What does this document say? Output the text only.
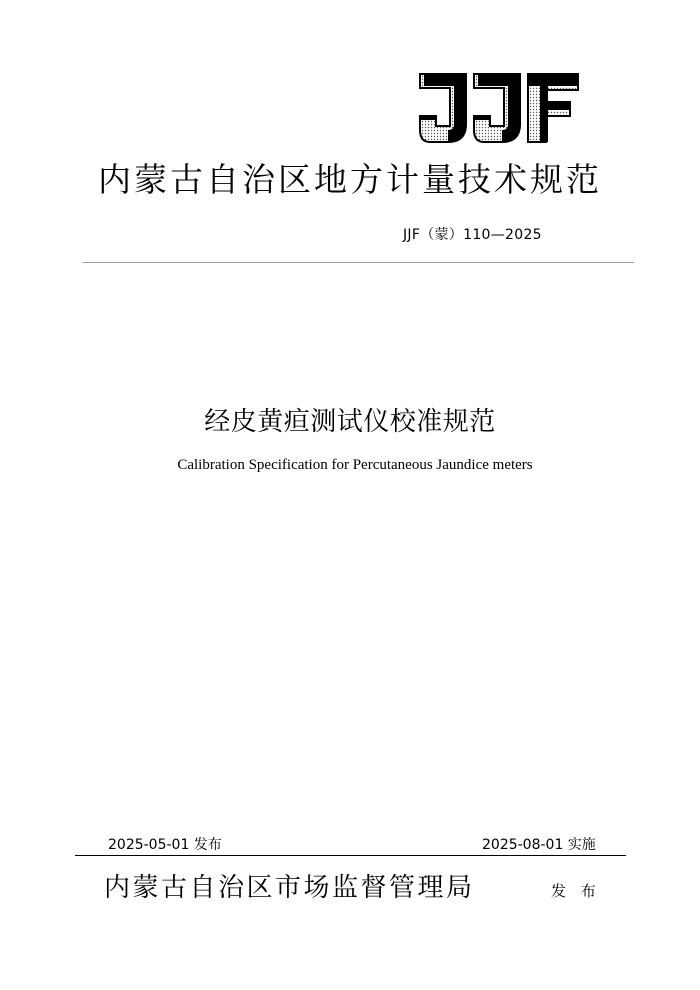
内蒙古自治区地方计量技术规范
JJF（蒙）110—2025
经皮黄疸测试仪校准规范
Calibration Specification for Percutaneous Jaundice meters
2025-05-01 发布	2025-08-01 实施
内蒙古自治区市场监督管理局	发 布
